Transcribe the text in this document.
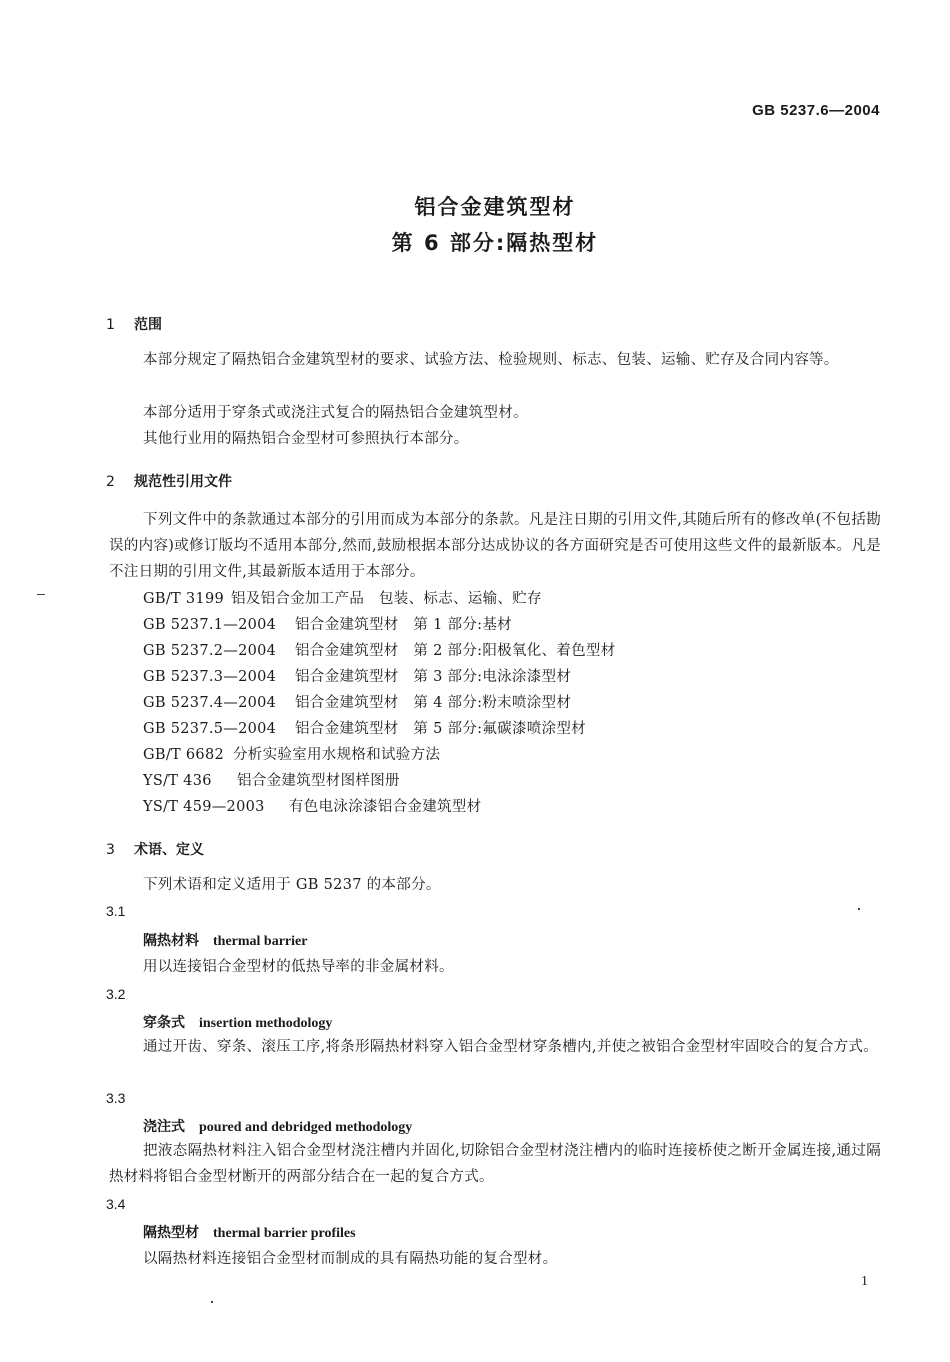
GB 5237.6—2004
铝合金建筑型材
第 6 部分:隔热型材
1 范围
本部分规定了隔热铝合金建筑型材的要求、试验方法、检验规则、标志、包装、运输、贮存及合同内容等。
本部分适用于穿条式或浇注式复合的隔热铝合金建筑型材。
其他行业用的隔热铝合金型材可参照执行本部分。
2 规范性引用文件
下列文件中的条款通过本部分的引用而成为本部分的条款。凡是注日期的引用文件,其随后所有的修改单(不包括勘误的内容)或修订版均不适用本部分,然而,鼓励根据本部分达成协议的各方面研究是否可使用这些文件的最新版本。凡是不注日期的引用文件,其最新版本适用于本部分。
GB/T 3199 铝及铝合金加工产品　包装、标志、运输、贮存
GB 5237.1—2004 铝合金建筑型材　第 1 部分:基材
GB 5237.2—2004 铝合金建筑型材　第 2 部分:阳极氧化、着色型材
GB 5237.3—2004 铝合金建筑型材　第 3 部分:电泳涂漆型材
GB 5237.4—2004 铝合金建筑型材　第 4 部分:粉末喷涂型材
GB 5237.5—2004 铝合金建筑型材　第 5 部分:氟碳漆喷涂型材
GB/T 6682 分析实验室用水规格和试验方法
YS/T 436 铝合金建筑型材图样图册
YS/T 459—2003 有色电泳涂漆铝合金建筑型材
3 术语、定义
下列术语和定义适用于 GB 5237 的本部分。
3.1
隔热材料 thermal barrier
用以连接铝合金型材的低热导率的非金属材料。
3.2
穿条式 insertion methodology
通过开齿、穿条、滚压工序,将条形隔热材料穿入铝合金型材穿条槽内,并使之被铝合金型材牢固咬合的复合方式。
3.3
浇注式 poured and debridged methodology
把液态隔热材料注入铝合金型材浇注槽内并固化,切除铝合金型材浇注槽内的临时连接桥使之断开金属连接,通过隔热材料将铝合金型材断开的两部分结合在一起的复合方式。
3.4
隔热型材 thermal barrier profiles
以隔热材料连接铝合金型材而制成的具有隔热功能的复合型材。
1
